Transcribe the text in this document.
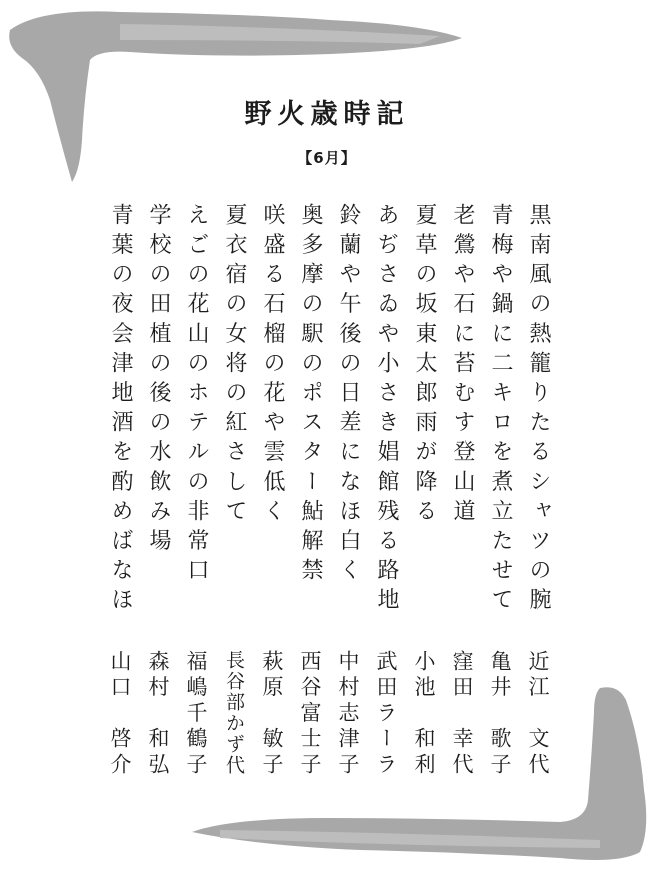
野火歳時記
【6月】
黒南風の熱籠りたるシャツの腕
青梅や鍋に二キロを煮立たせて
老鶯や石に苔むす登山道
夏草の坂東太郎雨が降る
あぢさゐや小さき娼館残る路地
鈴蘭や午後の日差になほ白く
奥多摩の駅のポスター鮎解禁
咲盛る石榴の花や雲低く
夏衣宿の女将の紅さして
えごの花山のホテルの非常口
学校の田植の後の水飲み場
青葉の夜会津地酒を酌めばなほ
近江　文代
亀井　歌子
窪田　幸代
小池　和利
武田ラーラ
中村志津子
西谷富士子
萩原　敏子
長谷部かず代
福嶋千鶴子
森村　和弘
山口　啓介
